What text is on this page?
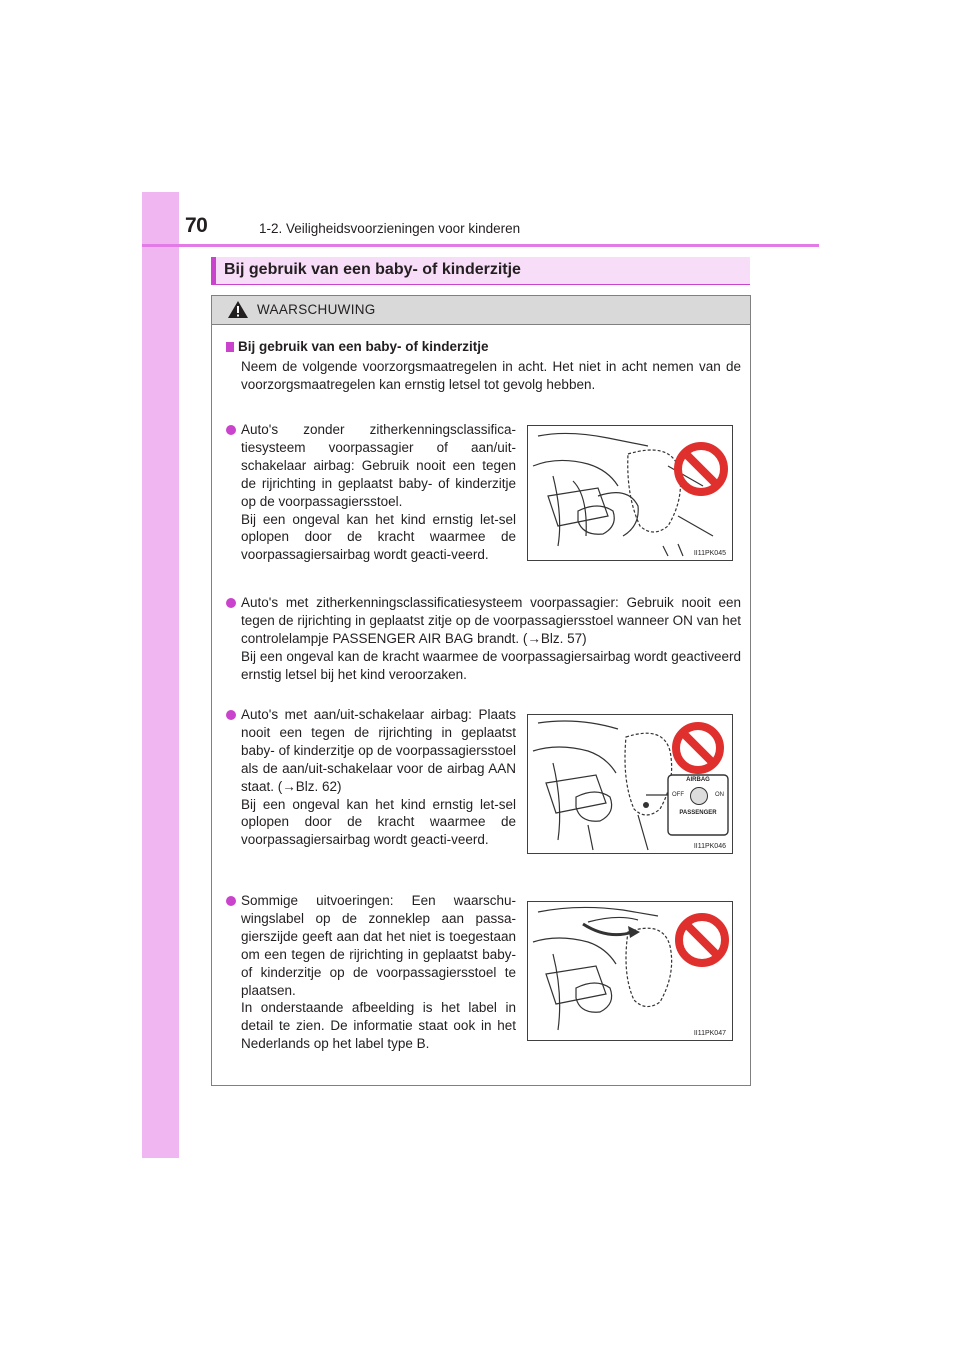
70	1-2. Veiligheidsvoorzieningen voor kinderen
Bij gebruik van een baby- of kinderzitje
WAARSCHUWING
Bij gebruik van een baby- of kinderzitje
Neem de volgende voorzorgsmaatregelen in acht. Het niet in acht nemen van de voorzorgsmaatregelen kan ernstig letsel tot gevolg hebben.
Auto's zonder zitherkenningsclassifica-tiesysteem voorpassagier of aan/uit-schakelaar airbag: Gebruik nooit een tegen de rijrichting in geplaatst baby- of kinderzitje op de voorpassagiersstoel.
Bij een ongeval kan het kind ernstig let-sel oplopen door de kracht waarmee de voorpassagiersairbag wordt geacti-veerd.	II11PK045
Auto's met zitherkenningsclassificatiesysteem voorpassagier: Gebruik nooit een tegen de rijrichting in geplaatst zitje op de voorpassagiersstoel wanneer ON van het controlelampje PASSENGER AIR BAG brandt. (→Blz. 57)
Bij een ongeval kan de kracht waarmee de voorpassagiersairbag wordt geactiveerd ernstig letsel bij het kind veroorzaken.
Auto's met aan/uit-schakelaar airbag: Plaats nooit een tegen de rijrichting in geplaatst baby- of kinderzitje op de voorpassagiersstoel als de aan/uit-schakelaar voor de airbag AAN staat. (→Blz. 62)
Bij een ongeval kan het kind ernstig let-sel oplopen door de kracht waarmee de voorpassagiersairbag wordt geacti-veerd.
AIRBAG
OFF	ON
PASSENGER
II11PK046
Sommige uitvoeringen: Een waarschu-wingslabel op de zonneklep aan passa-gierszijde geeft aan dat het niet is toegestaan om een tegen de rijrichting in geplaatst baby- of kinderzitje op de voorpassagiersstoel te plaatsen.
In onderstaande afbeelding is het label in detail te zien. De informatie staat ook in het Nederlands op het label type B.
II11PK047
